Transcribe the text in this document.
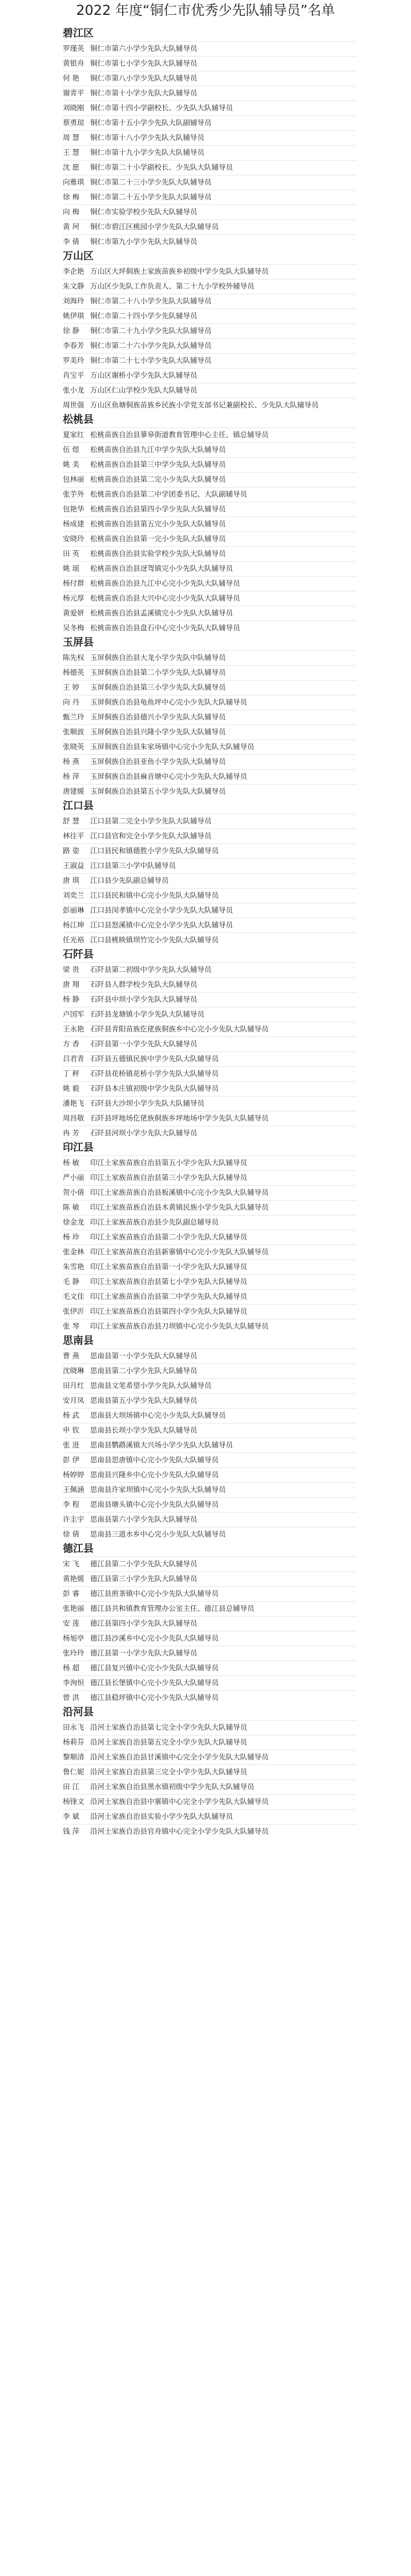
2022 年度“铜仁市优秀少先队辅导员”名单
碧江区
罗瑾英 铜仁市第六小学少先队大队辅导员
黄银舟 铜仁市第七小学少先队大队辅导员
何 艳	铜仁市第八小学少先队大队辅导员
谢青平 铜仁市第十小学少先队大队辅导员
刘晓刚 铜仁市第十四小学副校长、少先队大队辅导员
蔡勇琼 铜仁市第十五小学少先队大队副辅导员
周 慧	铜仁市第十八小学少先队大队辅导员
王 慧	铜仁市第十九小学少先队大队辅导员
沈 愿	铜仁市第二十小学副校长、少先队大队辅导员
向雅琪 铜仁市第二十三小学少先队大队辅导员
徐 梅	铜仁市第二十五小学少先队大队辅导员
向 梅	铜仁市实验学校少先队大队辅导员
黄 珂	铜仁市碧江区桃园小学少先队大队辅导员
李 倩	铜仁市第九小学少先队大队辅导员
万山区
李企艳 万山区大坪侗族土家族苗族乡初级中学少先队大队辅导员
朱文静 万山区少先队工作负责人、第二十九小学校外辅导员
刘海玲 铜仁市第二十八小学少先队大队辅导员
姚伊琪 铜仁市第二十四小学少先队辅导员
徐 静	铜仁市第二十九小学少先队大队辅导员
李春芳 铜仁市第二十六小学少先队大队辅导员
罗美玲 铜仁市第二十七小学少先队大队辅导员
肖宝平 万山区谢桥小学少先队大队辅导员
张小龙 万山区仁山学校少先队大队辅导员
周世强 万山区鱼塘侗族苗族乡民族小学党支部书记兼副校长、少先队大队辅导员
松桃县
夏家红 松桃苗族自治县蓼皋街道教育管理中心主任、镇总辅导员
伍 煜	松桃苗族自治县九江中学少先队大队辅导员
姚 美	松桃苗族自治县第三中学少先队大队辅导员
包林丽 松桃苗族自治县第二完小少先队大队辅导员
张芋外 松桃苗族自治县第二中学团委书记、大队副辅导员
包艳华 松桃苗族自治县第四小学少先队大队辅导员
杨成建 松桃苗族自治县第五完小少先队大队辅导员
安晓玲 松桃苗族自治县第一完小少先队大队辅导员
田 英	松桃苗族自治县实验学校少先队大队辅导员
姚 瑶	松桃苗族自治县迓驾镇完小少先队大队辅导员
杨付群 松桃苗族自治县九江中心完小少先队大队辅导员
杨元厚 松桃苗族自治县大兴中心完小少先队大队辅导员
黄爱妍 松桃苗族自治县孟溪镇完小少先队大队辅导员
吴冬梅 松桃苗族自治县盘石中心完小少先队大队辅导员
玉屏县
陈先权 玉屏侗族自治县大龙小学少先队中队辅导员
杨德英 玉屏侗族自治县第二小学少先队大队辅导员
王 婷	玉屏侗族自治县第三小学少先队大队辅导员
向 丹	玉屏侗族自治县龟鱼坪中心完小少先队大队辅导员
甄兰玲 玉屏侗族自治县德兴小学少先队大队辅导员
张顺波 玉屏侗族自治县兴隆小学少先队大队辅导员
张晓英 玉屏侗族自治县朱家场镇中心完小少先队大队辅导员
杨 燕	玉屏侗族自治县亚鱼小学少先队大队辅导员
杨 萍	玉屏侗族自治县麻音塘中心完小少先队大队辅导员
唐建媛 玉屏侗族自治县第五小学少先队大队辅导员
江口县
舒 慧	江口县第二完全小学少先队大队辅导员
林往平 江口县官和完全小学少先队大队辅导员
路 姿	江口县民和镇德胜小学少先队大队辅导员
王淑益 江口县第三小学中队辅导员
唐 琪	江口县少先队副总辅导员
刘奕兰 江口县民和镇中心完小少先队大队辅导员
彭丽琳 江口县闵孝镇中心完全小学少先队大队辅导员
杨江坤 江口县怒溪镇中心完全小学少先队大队辅导员
任光裕 江口县桃映镇坝竹完小少先队大队辅导员
石阡县
梁 贵	石阡县第二初级中学少先队大队辅导员
唐 翔	石阡县人群学校少先队大队辅导员
杨 静	石阡县中坝小学少先队大队辅导员
卢国军 石阡县龙塘镇小学少先队大队辅导员
王永艳 石阡县青阳苗族仡佬族侗族乡中心完小少先队大队辅导员
方 香	石阡县第一小学少先队大队辅导员
吕君青 石阡县五德镇民族中学少先队大队辅导员
丁 秤	石阡县花桥镇花桥小学少先队大队辅导员
姚 毅	石阡县本庄镇初级中学少先队大队辅导员
潘艳飞 石阡县大沙坝小学少先队大队辅导员
周昌敬 石阡县坪地场仡佬族侗族乡坪地场中学少先队大队辅导员
冉 芳	石阡县河坝小学少先队大队辅导员
印江县
杨 敏	印江土家族苗族自治县第五小学少先队大队辅导员
严小丽 印江土家族苗族自治县第三小学少先队大队辅导员
贺小倩 印江土家族苗族自治县板溪镇中心完小少先队大队辅导员
陈 敏	印江土家族苗族自治县木黄镇民族小学少先队大队辅导员
徐金龙 印江土家族苗族自治县少先队副总辅导员
杨 珍	印江土家族苗族自治县第二小学少先队大队辅导员
张金林 印江土家族苗族自治县新寨镇中心完小少先队大队辅导员
朱雪艳 印江土家族苗族自治县第一小学少先队大队辅导员
毛 静	印江土家族苗族自治县第七小学少先队大队辅导员
毛文佳 印江土家族苗族自治县第二中学少先队大队辅导员
张伊沂 印江土家族苗族自治县第四小学少先队大队辅导员
张 琴	印江土家族苗族自治县刀坝镇中心完小少先队大队辅导员
思南县
曹 燕	思南县第一小学少先队大队辅导员
沈晓琳 思南县第二小学少先队大队辅导员
田月红 思南县文笔希望小学少先队大队辅导员
安月凤 思南县第五小学少先队大队辅导员
杨 武	思南县大坝场镇中心完小少先队大队辅导员
申 钦	思南县长坝小学少先队大队辅导员
张 进	思南县鹦鹉溪镇大兴场小学少先队大队辅导员
彭 伊	思南县思唐镇中心完小少先队大队辅导员
杨婷婷 思南县兴隆乡中心完小少先队大队辅导员
王佩涵 思南县许家坝镇中心完小少先队大队辅导员
李 程	思南县塘头镇中心完小少先队大队辅导员
许圭宇 思南县第六小学少先队大队辅导员
徐 倩	思南县三道水乡中心完小少先队大队辅导员
德江县
宋 飞	德江县第二小学少先队大队辅导员
黄艳媛 德江县第三小学少先队大队辅导员
彭 睿	德江县煎茶镇中心完小少先队大队辅导员
张艳丽 德江县共和镇教育管理办公室主任、德江县总辅导员
安 莲	德江县第四小学少先队大队辅导员
杨旭亭 德江县沙溪乡中心完小少先队大队辅导员
张玲玲 德江县第一小学少先队大队辅导员
杨 超	德江县复兴镇中心完小少先队大队辅导员
李洵恒 德江县长堡镇中心完小少先队大队辅导员
曾 洪	德江县稳坪镇中心完小少先队大队辅导员
沿河县
田永飞 沿河土家族自治县第七完全小学少先队大队辅导员
杨莉芬 沿河土家族自治县第五完全小学少先队大队辅导员
黎顺清 沿河土家族自治县甘溪镇中心完全小学少先队大队辅导员
鲁仁妮 沿河土家族自治县第三完全小学少先队大队辅导员
田 江	沿河土家族自治县黑水镇初级中学少先队大队辅导员
杨锋文 沿河土家族自治县中寨镇中心完全小学少先队大队辅导员
李 斌	沿河土家族自治县实验小学少先队大队辅导员
钱 萍	沿河土家族自治县官舟镇中心完全小学少先队大队辅导员
